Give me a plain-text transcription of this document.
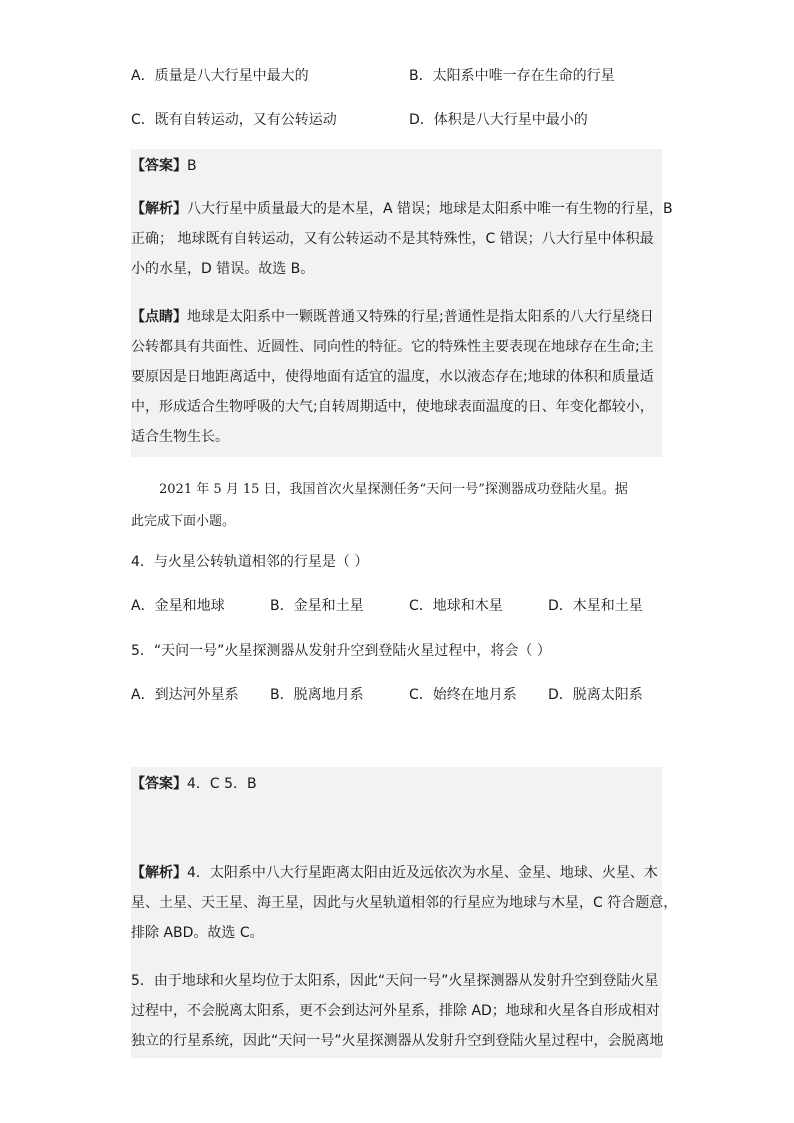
A．质量是八大行星中最大的	B．太阳系中唯一存在生命的行星
C．既有自转运动，又有公转运动	D．体积是八大行星中最小的
【答案】B
【解析】八大行星中质量最大的是木星，A 错误；地球是太阳系中唯一有生物的行星，B
正确； 地球既有自转运动，又有公转运动不是其特殊性，C 错误；八大行星中体积最
小的水星，D 错误。故选 B。
【点睛】地球是太阳系中一颗既普通又特殊的行星;普通性是指太阳系的八大行星绕日
公转都具有共面性、近圆性、同向性的特征。它的特殊性主要表现在地球存在生命;主
要原因是日地距离适中，使得地面有适宜的温度，水以液态存在;地球的体积和质量适
中，形成适合生物呼吸的大气;自转周期适中，使地球表面温度的日、年变化都较小，
适合生物生长。
2021 年 5 月 15 日，我国首次火星探测任务“天问一号”探测器成功登陆火星。据
此完成下面小题。
4．与火星公转轨道相邻的行星是（ ）
A．金星和地球	B．金星和土星	C．地球和木星	D．木星和土星
5．“天问一号”火星探测器从发射升空到登陆火星过程中，将会（ ）
A．到达河外星系 B．脱离地月系	C．始终在地月系 D．脱离太阳系
【答案】4．C 5．B
【解析】4．太阳系中八大行星距离太阳由近及远依次为水星、金星、地球、火星、木
星、土星、天王星、海王星，因此与火星轨道相邻的行星应为地球与木星，C 符合题意，
排除 ABD。故选 C。
5．由于地球和火星均位于太阳系，因此“天问一号”火星探测器从发射升空到登陆火星
过程中，不会脱离太阳系，更不会到达河外星系，排除 AD；地球和火星各自形成相对
独立的行星系统，因此“天问一号”火星探测器从发射升空到登陆火星过程中，会脱离地
